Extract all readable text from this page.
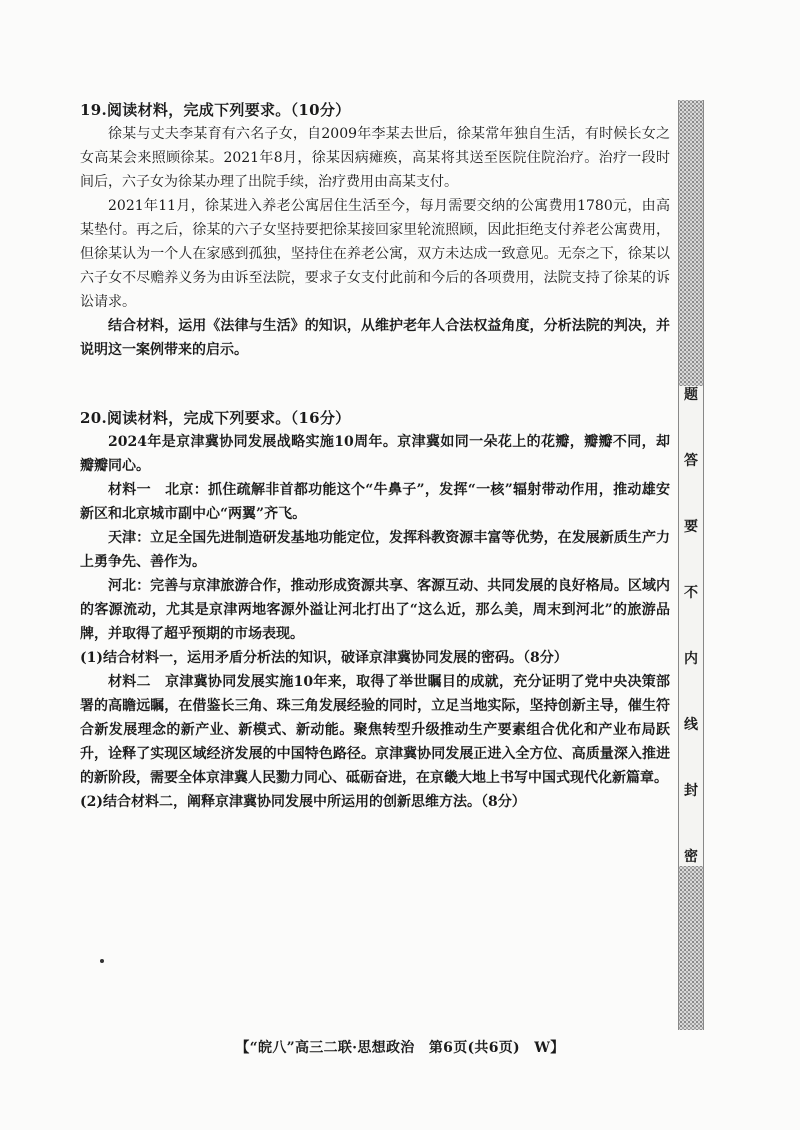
19.阅读材料，完成下列要求。（10分）

徐某与丈夫李某育有六名子女，自2009年李某去世后，徐某常年独自生活，有时候长女之女高某会来照顾徐某。2021年8月，徐某因病瘫痪，高某将其送至医院住院治疗。治疗一段时间后，六子女为徐某办理了出院手续，治疗费用由高某支付。

2021年11月，徐某进入养老公寓居住生活至今，每月需要交纳的公寓费用1780元，由高某垫付。再之后，徐某的六子女坚持要把徐某接回家里轮流照顾，因此拒绝支付养老公寓费用，但徐某认为一个人在家感到孤独，坚持住在养老公寓，双方未达成一致意见。无奈之下，徐某以六子女不尽赡养义务为由诉至法院，要求子女支付此前和今后的各项费用，法院支持了徐某的诉讼请求。

结合材料，运用《法律与生活》的知识，从维护老年人合法权益角度，分析法院的判决，并说明这一案例带来的启示。

20.阅读材料，完成下列要求。（16分）

2024年是京津冀协同发展战略实施10周年。京津冀如同一朵花上的花瓣，瓣瓣不同，却瓣瓣同心。

材料一　北京：抓住疏解非首都功能这个“牛鼻子”，发挥“一核”辐射带动作用，推动雄安新区和北京城市副中心“两翼”齐飞。

天津：立足全国先进制造研发基地功能定位，发挥科教资源丰富等优势，在发展新质生产力上勇争先、善作为。

河北：完善与京津旅游合作，推动形成资源共享、客源互动、共同发展的良好格局。区域内的客源流动，尤其是京津两地客源外溢让河北打出了“这么近，那么美，周末到河北”的旅游品牌，并取得了超乎预期的市场表现。

(1)结合材料一，运用矛盾分析法的知识，破译京津冀协同发展的密码。（8分）

材料二　京津冀协同发展实施10年来，取得了举世瞩目的成就，充分证明了党中央决策部署的高瞻远瞩，在借鉴长三角、珠三角发展经验的同时，立足当地实际，坚持创新主导，催生符合新发展理念的新产业、新模式、新动能。聚焦转型升级推动生产要素组合优化和产业布局跃升，诠释了实现区域经济发展的中国特色路径。京津冀协同发展正进入全方位、高质量深入推进的新阶段，需要全体京津冀人民勠力同心、砥砺奋进，在京畿大地上书写中国式现代化新篇章。

(2)结合材料二，阐释京津冀协同发展中所运用的创新思维方法。（8分）

题
答
要
不
内
线
封
密
【“皖八”高三二联·思想政治　第6页(共6页)　W】
